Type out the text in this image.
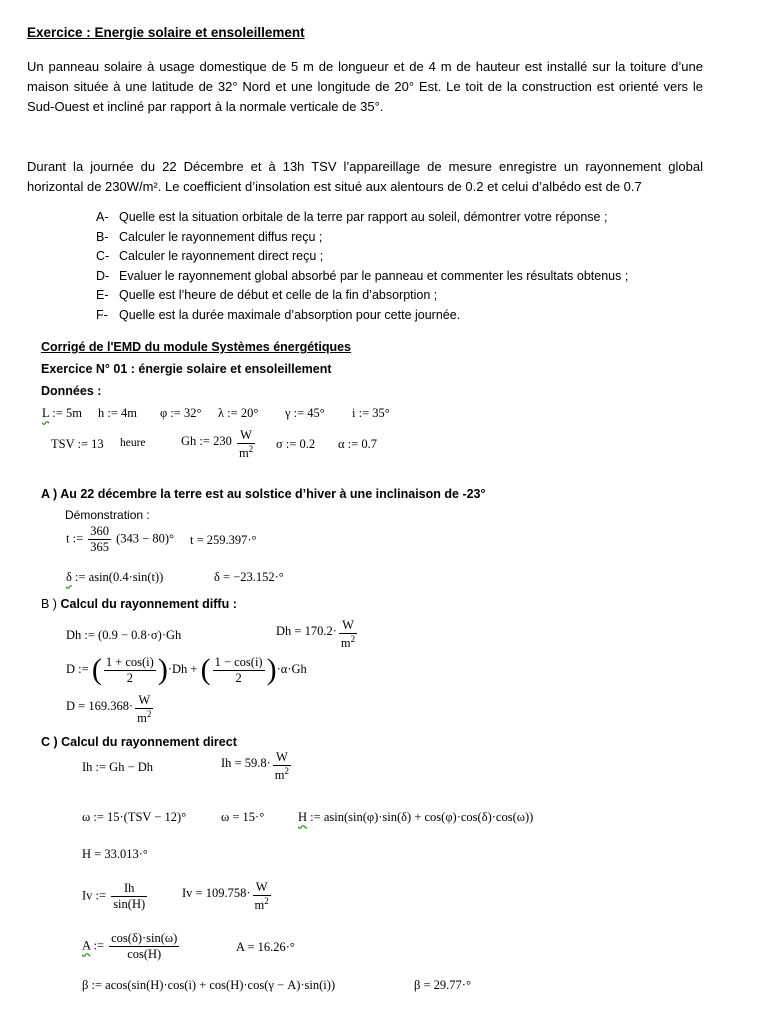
Exercice : Energie solaire et ensoleillement
Un panneau solaire à usage domestique de 5 m de longueur et de 4 m de hauteur est installé sur la toiture d’une maison située à une latitude de 32° Nord et une longitude de 20° Est. Le toit de la construction est orienté vers le Sud-Ouest et incliné par rapport à la normale verticale de 35°.
Durant la journée du 22 Décembre et à 13h TSV l’appareillage de mesure enregistre un rayonnement global horizontal de 230W/m². Le coefficient d’insolation est situé aux alentours de 0.2 et celui d’albédo est de 0.7
A- Quelle est la situation orbitale de la terre par rapport au soleil, démontrer votre réponse ;
B- Calculer le rayonnement diffus reçu ;
C- Calculer le rayonnement direct reçu ;
D- Evaluer le rayonnement global absorbé par le panneau et commenter les résultats obtenus ;
E- Quelle est l’heure de début et celle de la fin d’absorption ;
F- Quelle est la durée maximale d’absorption pour cette journée.
Corrigé de l'EMD du module Systèmes énergétiques
Exercice N° 01 : énergie solaire et ensoleillement
Données :
L := 5m h := 4m φ := 32° λ := 20° γ := 45° i := 35°
TSV := 13 heure	Gh := $230 \frac{W}{m^2}$ σ := 0.2 α := 0.7
A ) Au 22 décembre la terre est au solstice d’hiver à une inclinaison de -23°
Démonstration :
t := $\frac{360}{365} (343 - 80)^\circ$ t = 259.397·°
δ := asin(0.4·sin(t))	δ = −23.152·°
B ) Calcul du rayonnement diffu :
Dh := (0.9 − 0.8·σ)·Gh	$Dh = 170.2\cdot \frac{W}{m^2}$
D := ( $\frac{1 + \cos(i)}{2} )\cdot Dh$ + ( $\frac{1 - \cos(i)}{2} )\cdot\alpha\cdot Gh$
$D = 169.368\cdot \frac{W}{m^2}$
C ) Calcul du rayonnement direct
Ih := Gh − Dh	$Ih = 59.8\cdot \frac{W}{m^2}$
ω := 15·(TSV − 12)°	ω = 15·°	H := asin(sin(φ)·sin(δ) + cos(φ)·cos(δ)·cos(ω))
H = 33.013·°
Iv := $\frac{Ih}{\sin(H)}$	$Iv = 109.758\cdot \frac{W}{m^2}$
A := $\frac{\cos(\delta)\cdot\sin(\omega)}{\cos(H)}$	A = 16.26·°
β := acos(sin(H)·cos(i) + cos(H)·cos(γ − A)·sin(i))	β = 29.77·°
